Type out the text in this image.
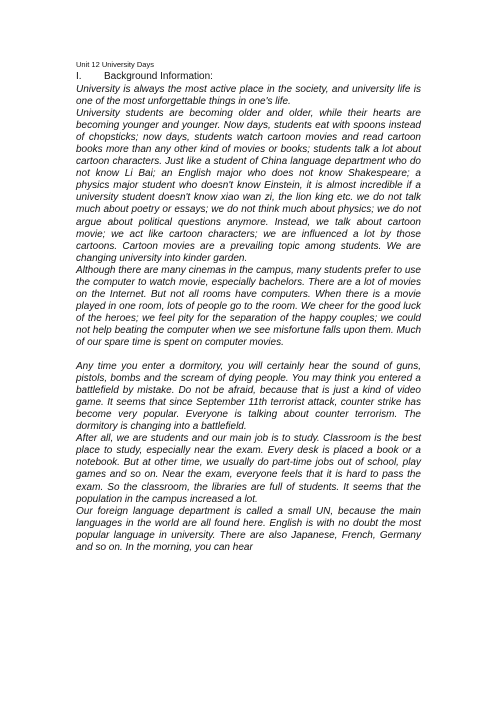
Unit 12 University Days
I. Background Information:

University is always the most active place in the society, and university life is one of the most unforgettable things in one's life.

University students are becoming older and older, while their hearts are becoming younger and younger. Now days, students eat with spoons instead of chopsticks; now days, students watch cartoon movies and read cartoon books more than any other kind of movies or books; students talk a lot about cartoon characters. Just like a student of China language department who do not know Li Bai; an English major who does not know Shakespeare; a physics major student who doesn't know Einstein, it is almost incredible if a university student doesn't know xiao wan zi, the lion king etc. we do not talk much about poetry or essays; we do not think much about physics; we do not argue about political questions anymore. Instead, we talk about cartoon movie; we act like cartoon characters; we are influenced a lot by those cartoons. Cartoon movies are a prevailing topic among students. We are changing university into kinder garden.

Although there are many cinemas in the campus, many students prefer to use the computer to watch movie, especially bachelors. There are a lot of movies on the Internet. But not all rooms have computers. When there is a movie played in one room, lots of people go to the room. We cheer for the good luck of the heroes; we feel pity for the separation of the happy couples; we could not help beating the computer when we see misfortune falls upon them. Much of our spare time is spent on computer movies.

Any time you enter a dormitory, you will certainly hear the sound of guns, pistols, bombs and the scream of dying people. You may think you entered a battlefield by mistake. Do not be afraid, because that is just a kind of video game. It seems that since September 11th terrorist attack, counter strike has become very popular. Everyone is talking about counter terrorism. The dormitory is changing into a battlefield.

After all, we are students and our main job is to study. Classroom is the best place to study, especially near the exam. Every desk is placed a book or a notebook. But at other time, we usually do part-time jobs out of school, play games and so on. Near the exam, everyone feels that it is hard to pass the exam. So the classroom, the libraries are full of students. It seems that the population in the campus increased a lot.

Our foreign language department is called a small UN, because the main languages in the world are all found here. English is with no doubt the most popular language in university. There are also Japanese, French, Germany and so on. In the morning, you can hear
